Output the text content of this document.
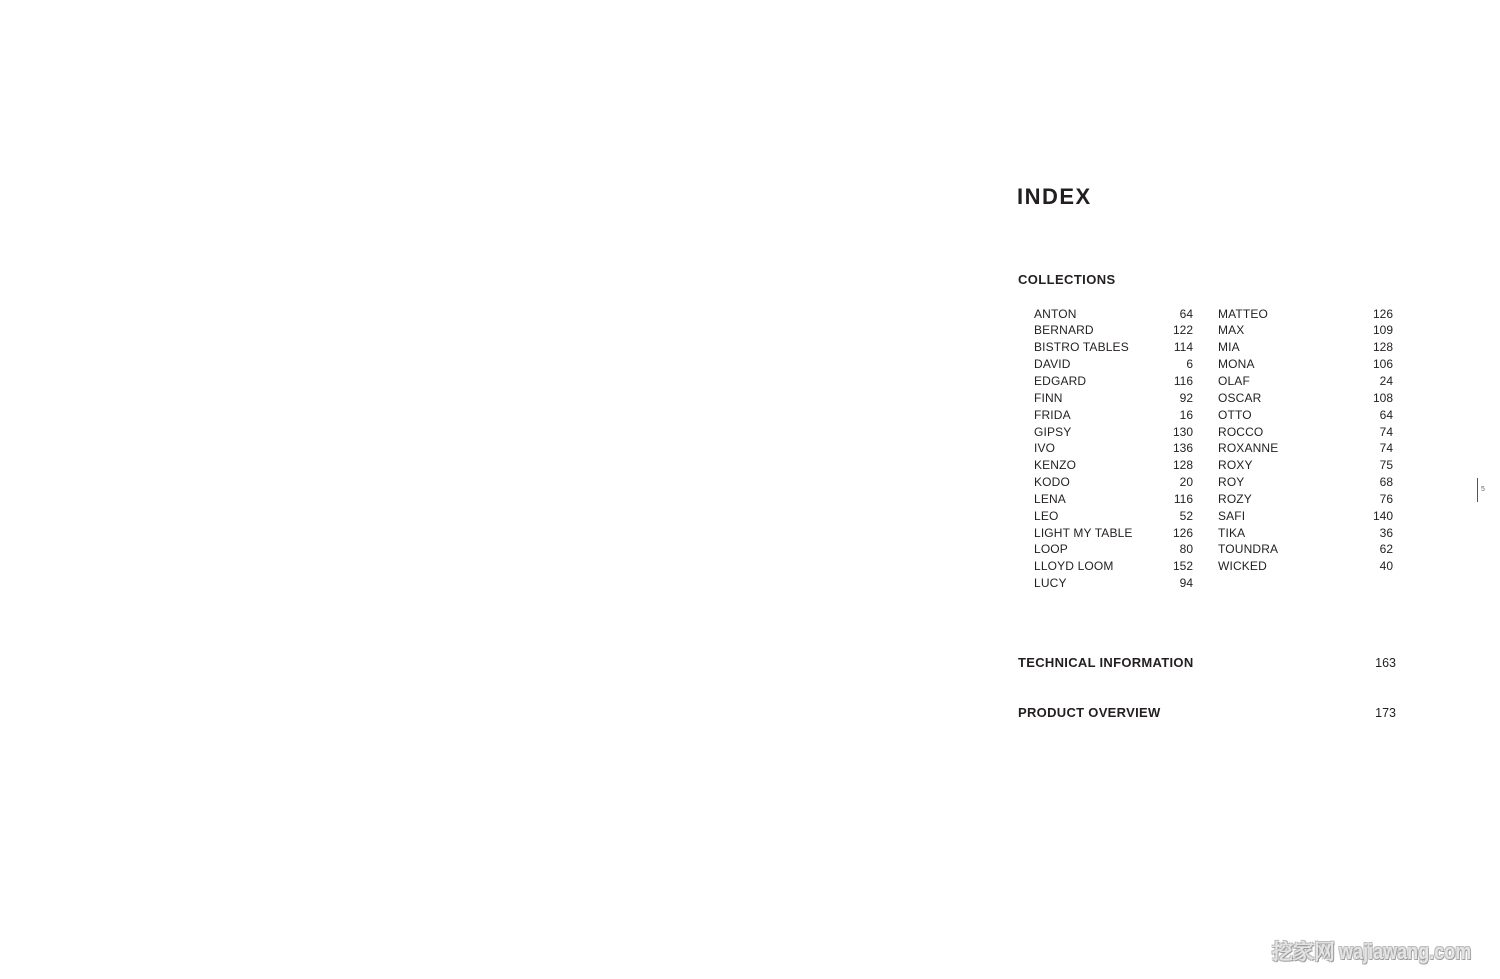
INDEX
COLLECTIONS
ANTON	64
BERNARD	122
BISTRO TABLES	114
DAVID	6
EDGARD	116
FINN	92
FRIDA	16
GIPSY	130
IVO	136
KENZO	128
KODO	20
LENA	116
LEO	52
LIGHT MY TABLE	126
LOOP	80
LLOYD LOOM	152
LUCY	94
MATTEO	126
MAX	109
MIA	128
MONA	106
OLAF	24
OSCAR	108
OTTO	64
ROCCO	74
ROXANNE	74
ROXY	75
ROY	68
ROZY	76
SAFI	140
TIKA	36
TOUNDRA	62
WICKED	40
TECHNICAL INFORMATION	163
PRODUCT OVERVIEW	173
5
挖家网 wajiawang.com
